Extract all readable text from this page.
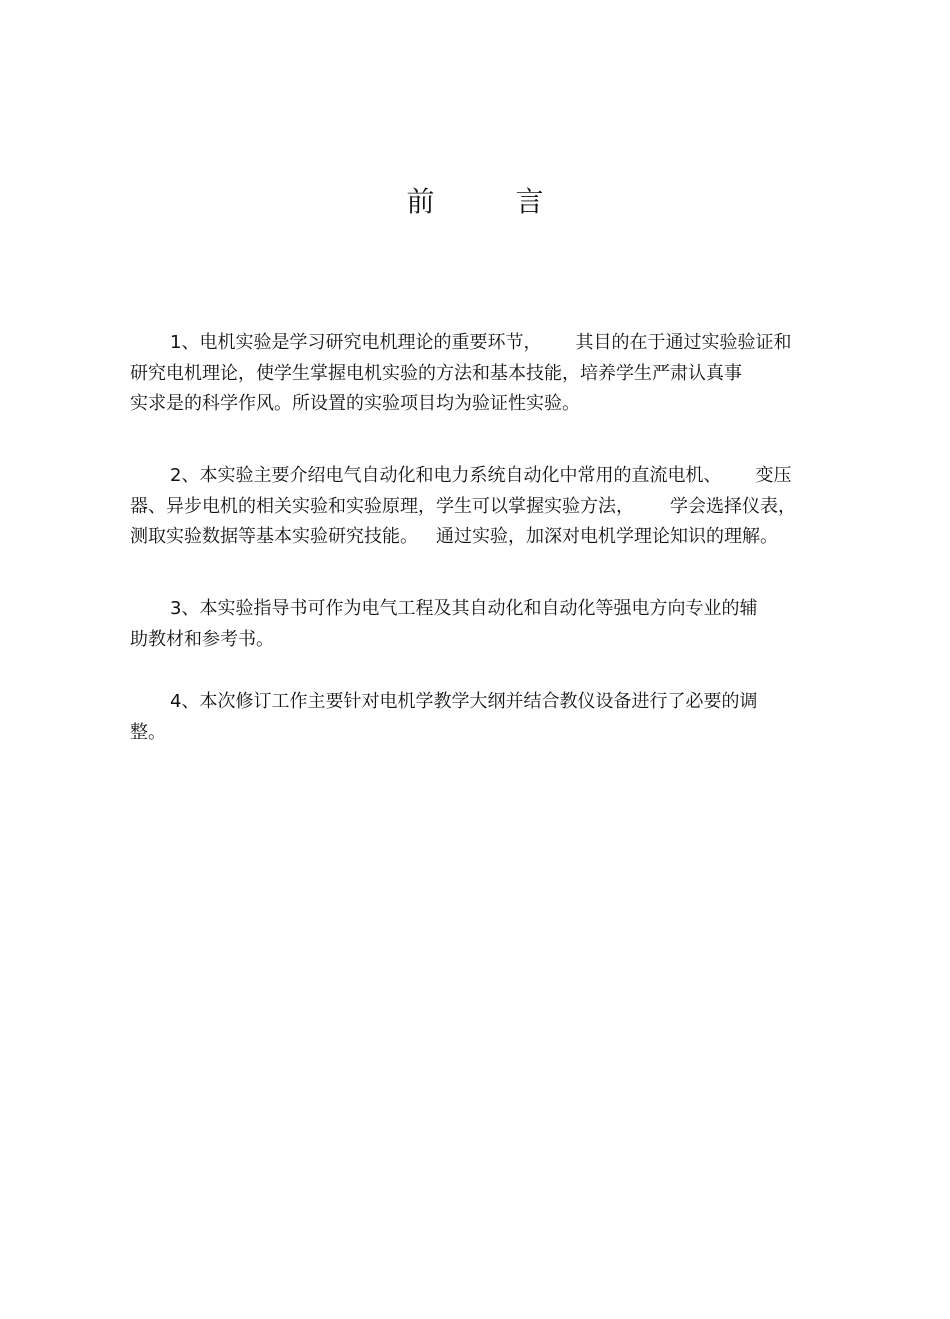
前 言
1、电机实验是学习研究电机理论的重要环节， 其目的在于通过实验验证和
研究电机理论，使学生掌握电机实验的方法和基本技能，培养学生严肃认真事
实求是的科学作风。所设置的实验项目均为验证性实验。
2、本实验主要介绍电气自动化和电力系统自动化中常用的直流电机、 变压
器、异步电机的相关实验和实验原理，学生可以掌握实验方法， 学会选择仪表，
测取实验数据等基本实验研究技能。 通过实验，加深对电机学理论知识的理解。
3、本实验指导书可作为电气工程及其自动化和自动化等强电方向专业的辅
助教材和参考书。
4、本次修订工作主要针对电机学教学大纲并结合教仪设备进行了必要的调
整。
